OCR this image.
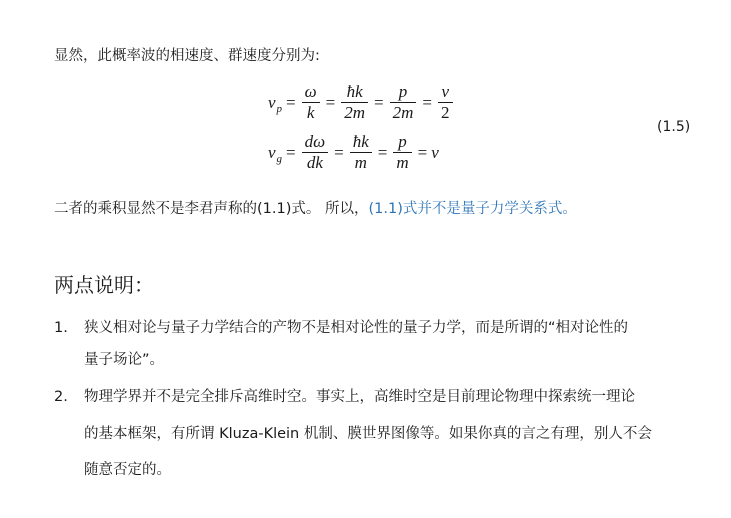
显然，此概率波的相速度、群速度分别为:
v $p = \frac{\omega}{k} = \frac{ħk}{2m} = \frac{p}{2m} = \frac{v}{2}$
v $g = \frac{d\omega}{dk} = \frac{ħk}{m} = \frac{p}{m} = v$
(1.5)
二者的乘积显然不是李君声称的(1.1)式。 所以，(1.1)式并不是量子力学关系式。
两点说明：
1. 狭义相对论与量子力学结合的产物不是相对论性的量子力学，而是所谓的“相对论性的
量子场论”。
2. 物理学界并不是完全排斥高维时空。事实上，高维时空是目前理论物理中探索统一理论
的基本框架，有所谓 Kluza-Klein 机制、膜世界图像等。如果你真的言之有理，别人不会
随意否定的。
